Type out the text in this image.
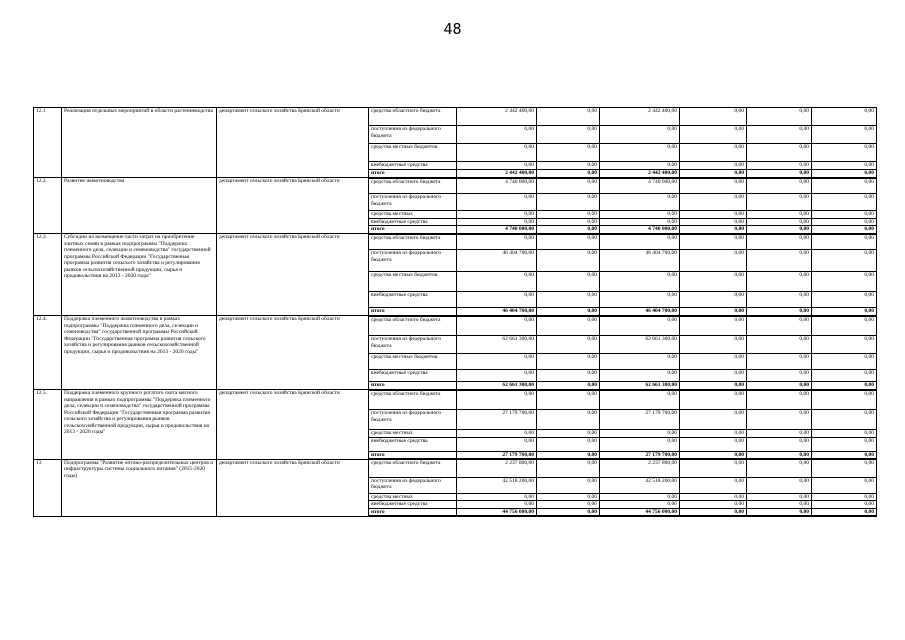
48
12.1	Реализация отдельных мероприятий в области растениеводства	департамент сельского хозяйства Брянской области	средства областного бюджета	2 442 400,00	0,00	2 442 400,00	0,00	0,00	0,00
			поступления из федерального бюджета	0,00	0,00	0,00	0,00	0,00	0,00
			средства местных бюджетов	0,00	0,00	0,00	0,00	0,00	0,00
			внебюджетные средства	0,00	0,00	0,00	0,00	0,00	0,00
			итого	2 442 400,00	0,00	2 442 400,00	0,00	0,00	0,00
12.2.	Развитие животноводства	департамент сельского хозяйства Брянской области	средства областного бюджета	4 740 000,00	0,00	4 740 000,00	0,00	0,00	0,00
			поступления из федерального бюджета	0,00	0,00	0,00	0,00	0,00	0,00
			средства местных	0,00	0,00	0,00	0,00	0,00	0,00
			внебюджетные средства	0,00	0,00	0,00	0,00	0,00	0,00
			итого	4 740 000,00	0,00	4 740 000,00	0,00	0,00	0,00
12.3.	Субсидии на возмещение части затрат на приобретение элитных семян в рамках подпрограммы "Поддержка племенного дела, селекции и семеноводства" государственной программы Российской Федерации "Государственная программа развития сельского хозяйства и регулирования рынков сельскохозяйственной продукции, сырья и продовольствия на 2013 - 2020 годы"	департамент сельского хозяйства Брянской области	средства областного бюджета	0,00	0,00	0,00	0,00	0,00	0,00
			поступления из федерального бюджета	46 404 700,00	0,00	46 404 700,00	0,00	0,00	0,00
			средства местных бюджетов	0,00	0,00	0,00	0,00	0,00	0,00
			внебюджетные средства	0,00	0,00	0,00	0,00	0,00	0,00
			итого	46 404 700,00	0,00	46 404 700,00	0,00	0,00	0,00
12.4.	Поддержка племенного животноводства в рамках подпрограммы "Поддержка племенного дела, селекции и семеноводства" государственной программы Российской Федерации "Государственная программа развития сельского хозяйства и регулирования рынков сельскохозяйственной продукции, сырья и продовольствия на 2013 - 2020 годы"	департамент сельского хозяйства Брянской области	средства областного бюджета	0,00	0,00	0,00	0,00	0,00	0,00
			поступления из федерального бюджета	62 661 300,00	0,00	62 661 300,00	0,00	0,00	0,00
			средства местных бюджетов	0,00	0,00	0,00	0,00	0,00	0,00
			внебюджетные средства	0,00	0,00	0,00	0,00	0,00	0,00
			итого	62 661 300,00	0,00	62 661 300,00	0,00	0,00	0,00
12.5.	Поддержка племенного крупного рогатого скота мясного направления в рамках подпрограммы "Поддержка племенного дела, селекции и семеноводства" государственной программы Российской Федерации "Государственная программа развития сельского хозяйства и регулирования рынков сельскохозяйственной продукции, сырья и продовольствия на 2013 - 2020 годы"	департамент сельского хозяйства Брянской области	средства областного бюджета	0,00	0,00	0,00	0,00	0,00	0,00
			поступления из федерального бюджета	27 179 700,00	0,00	27 179 700,00	0,00	0,00	0,00
			средства местных	0,00	0,00	0,00	0,00	0,00	0,00
			внебюджетные средства	0,00	0,00	0,00	0,00	0,00	0,00
			итого	27 179 700,00	0,00	27 179 700,00	0,00	0,00	0,00
13	Подпрограмма "Развитие оптово-распределительных центров и инфраструктуры системы социального питания" (2015-2020 годы)	департамент сельского хозяйства Брянской области	средства областного бюджета	2 237 800,00	0,00	2 237 800,00	0,00	0,00	0,00
			поступления из федерального бюджета	42 518 200,00	0,00	42 518 200,00	0,00	0,00	0,00
			средства местных	0,00	0,00	0,00	0,00	0,00	0,00
			внебюджетные средства	0,00	0,00	0,00	0,00	0,00	0,00
			итого	44 756 000,00	0,00	44 756 000,00	0,00	0,00	0,00
